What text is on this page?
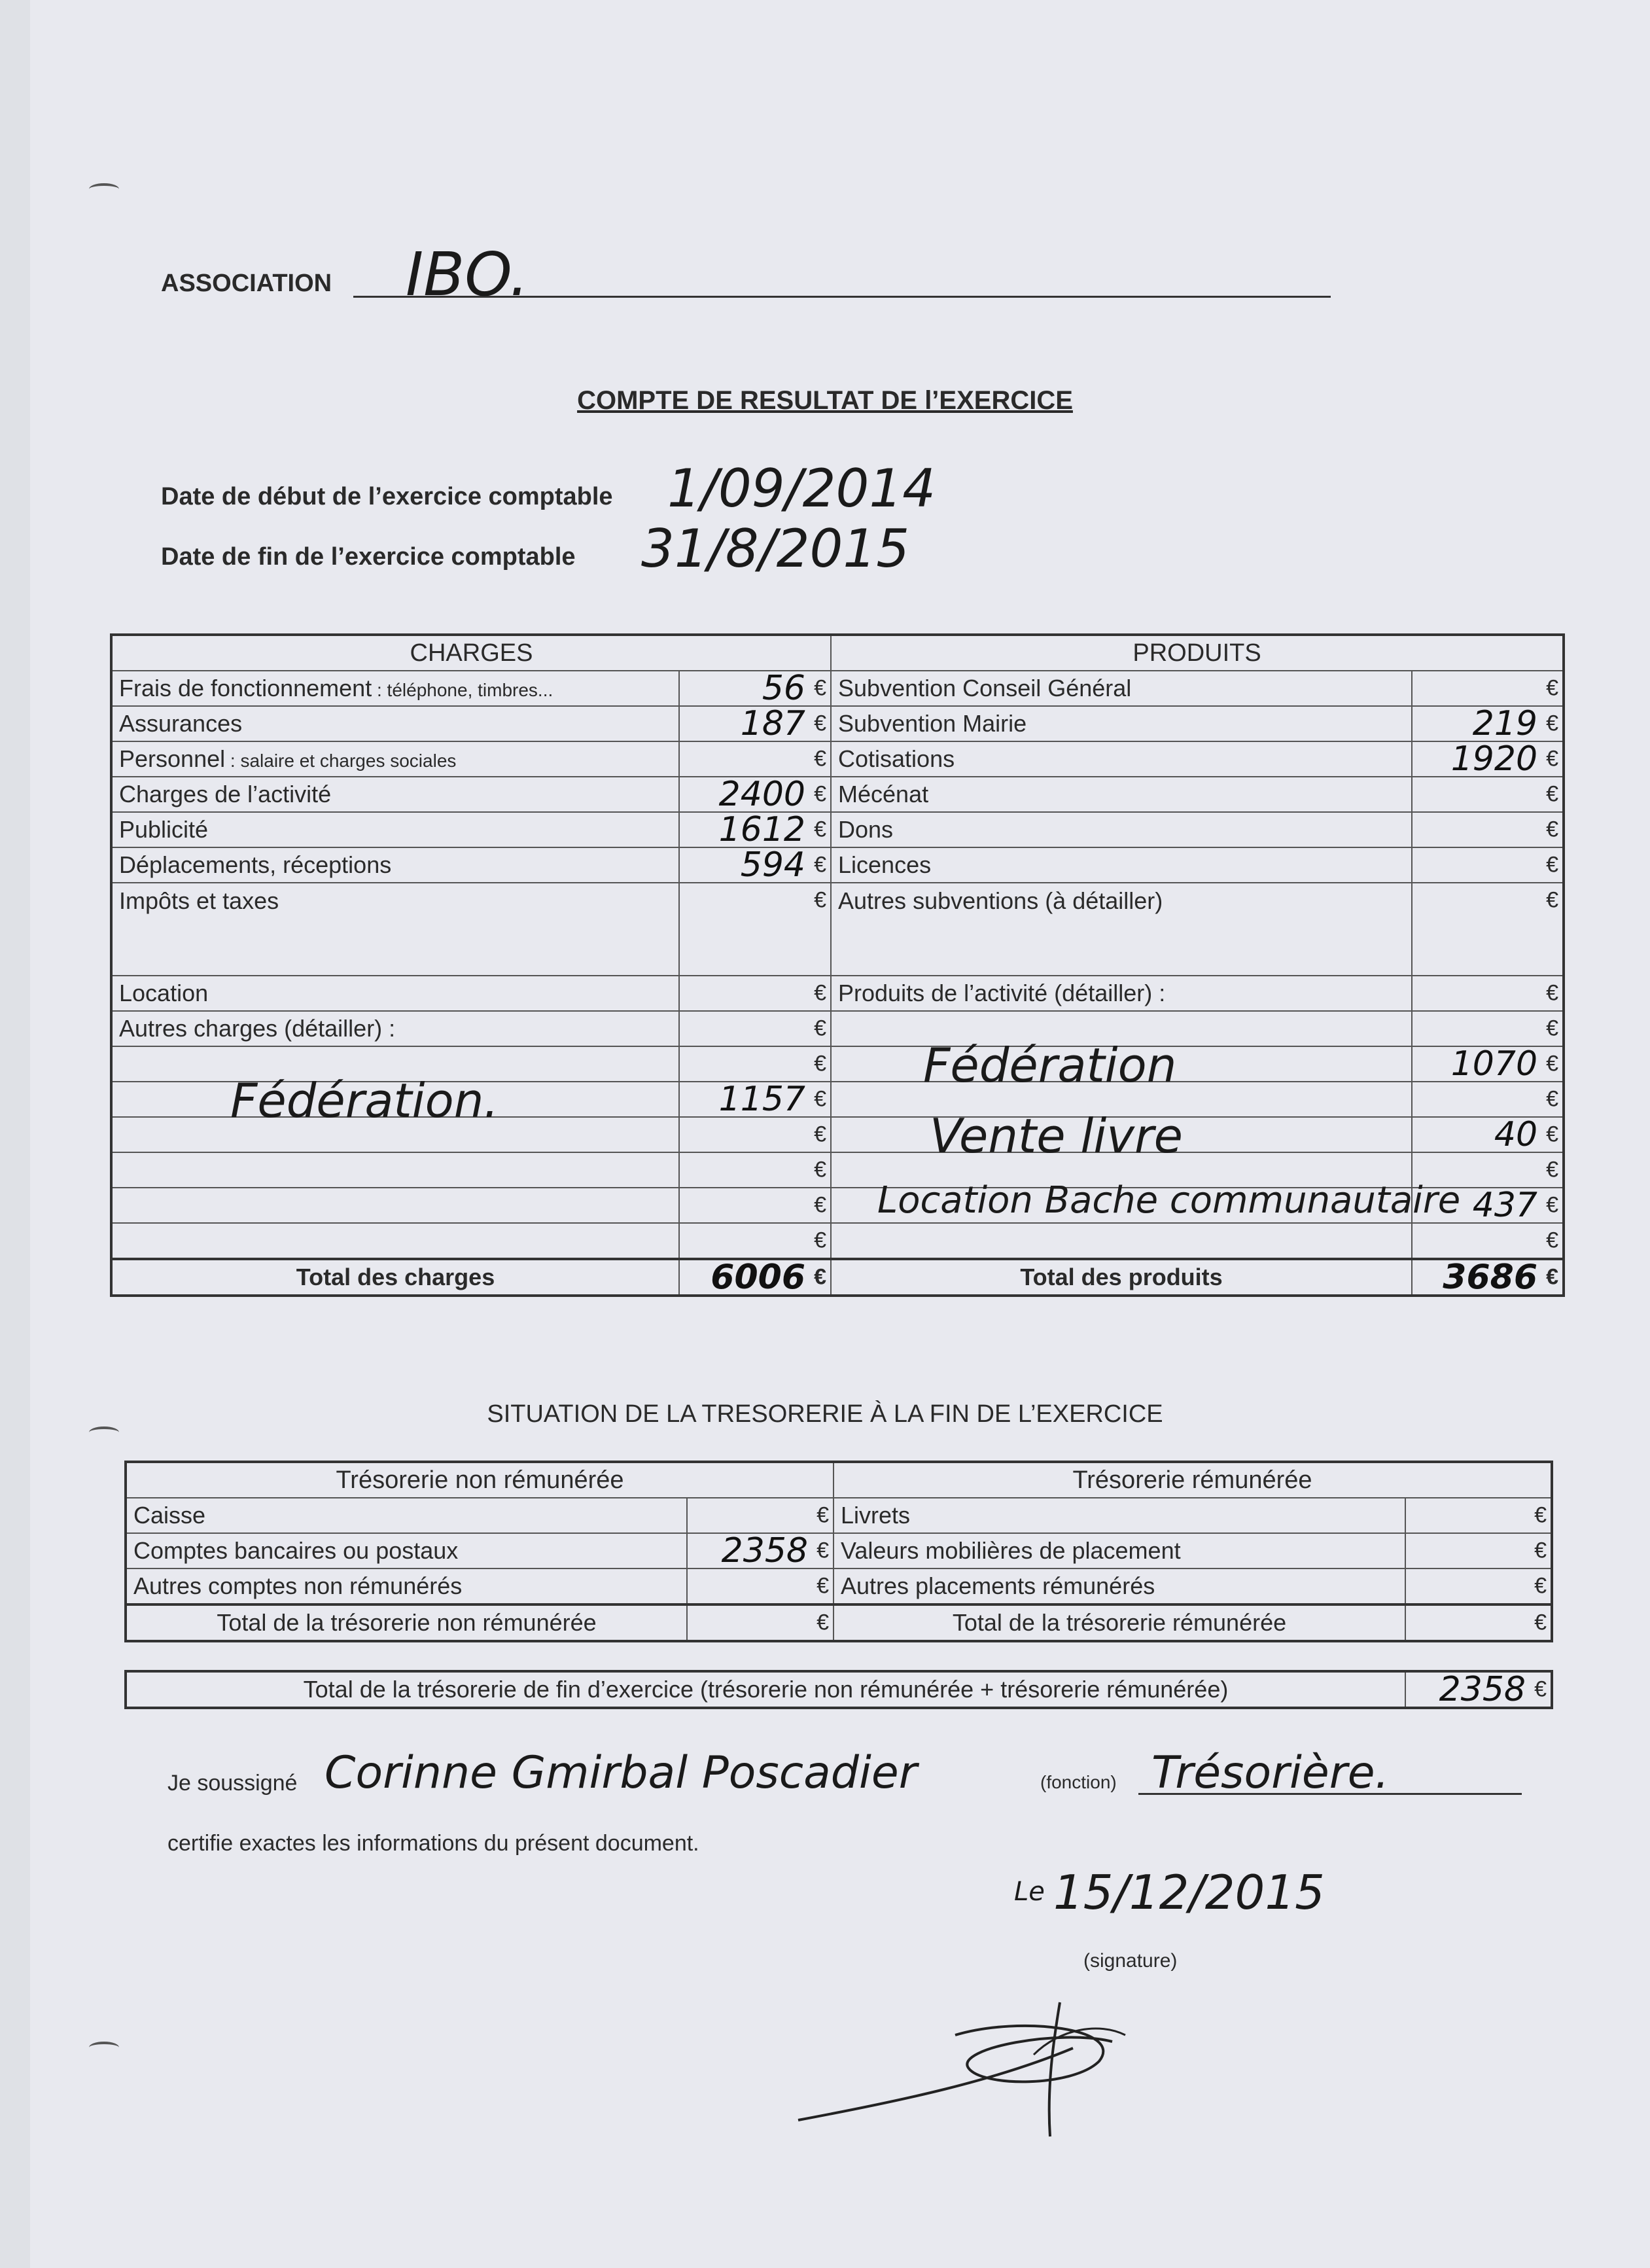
ASSOCIATION IBO.
COMPTE DE RESULTAT DE l’EXERCICE
Date de début de l’exercice comptable 1/09/2014
Date de fin de l’exercice comptable 31/8/2015
CHARGES		PRODUITS	
Frais de fonctionnement : téléphone, timbres...	56 €	Subvention Conseil Général	€

Assurances	187 €	Subvention Mairie	219 €

Personnel : salaire et charges sociales	€	Cotisations	1920 €

Charges de l’activité	2400 €	Mécénat	€

Publicité	1612 €	Dons	€

Déplacements, réceptions	594 €	Licences	€

Impôts et taxes	€	Autres subventions (à détailler)	€

Location	€	Produits de l’activité (détailler) :	€

Autres charges (détailler) :	€		€

	€	Fédération	1070 €

Fédération.	1157 €		€

	€	Vente livre	40 €

	€		€

	€	Location Bache communautaire	437 €

	€		€

Total des charges	6006 €	Total des produits	3686 €
SITUATION DE LA TRESORERIE À LA FIN DE L’EXERCICE
Trésorerie non rémunérée		Trésorerie rémunérée	
Caisse	€	Livrets	€

Comptes bancaires ou postaux	2358 €	Valeurs mobilières de placement	€

Autres comptes non rémunérés	€	Autres placements rémunérés	€

Total de la trésorerie non rémunérée	€	Total de la trésorerie rémunérée	€
Total de la trésorerie de fin d’exercice (trésorerie non rémunérée + trésorerie rémunérée)	2358 €
Je soussigné Corinne Gmirbal Poscadier	(fonction) Trésorière.
certifie exactes les informations du présent document.
Le 15/12/2015
(signature)
